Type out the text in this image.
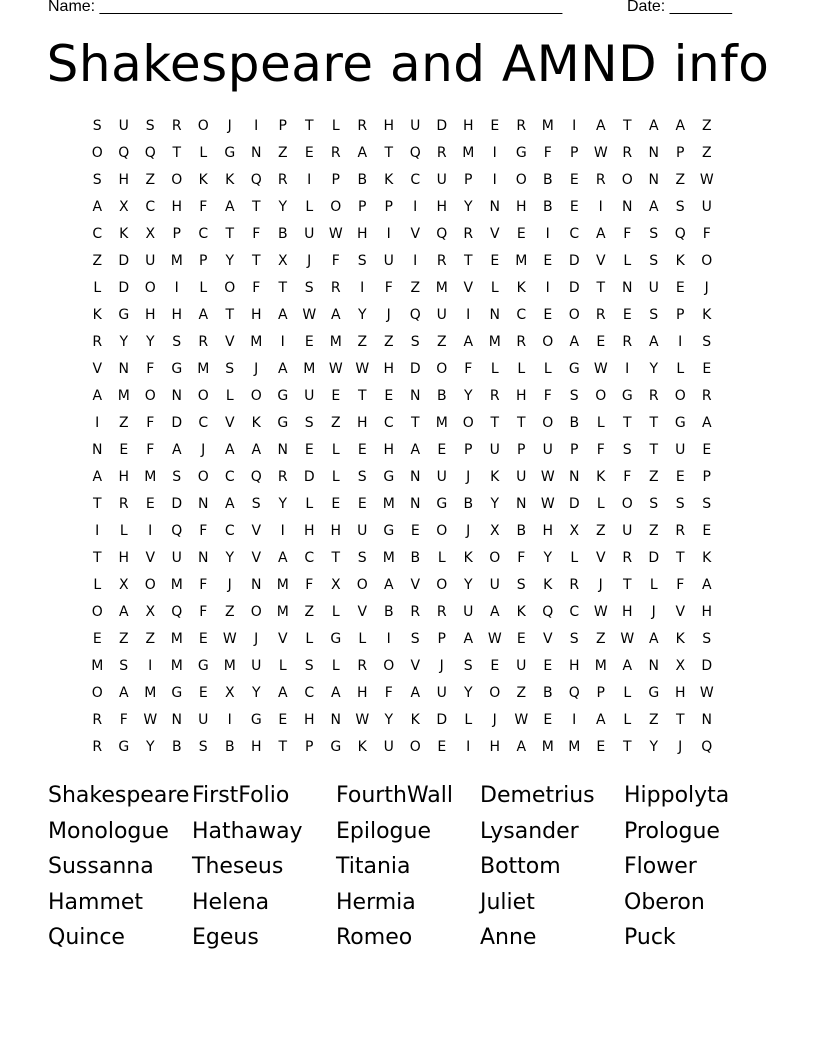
Name: ____________________________________________________	Date: _______
Shakespeare and AMND info
S	U	S	R	O	J	I	P	T	L	R	H	U	D	H	E	R	M	I	A	T	A	A	Z
O	Q	Q	T	L	G	N	Z	E	R	A	T	Q	R	M	I	G	F	P	W	R	N	P	Z
S	H	Z	O	K	K	Q	R	I	P	B	K	C	U	P	I	O	B	E	R	O	N	Z	W
A	X	C	H	F	A	T	Y	L	O	P	P	I	H	Y	N	H	B	E	I	N	A	S	U
C	K	X	P	C	T	F	B	U	W	H	I	V	Q	R	V	E	I	C	A	F	S	Q	F
Z	D	U	M	P	Y	T	X	J	F	S	U	I	R	T	E	M	E	D	V	L	S	K	O
L	D	O	I	L	O	F	T	S	R	I	F	Z	M	V	L	K	I	D	T	N	U	E	J
K	G	H	H	A	T	H	A	W	A	Y	J	Q	U	I	N	C	E	O	R	E	S	P	K
R	Y	Y	S	R	V	M	I	E	M	Z	Z	S	Z	A	M	R	O	A	E	R	A	I	S
V	N	F	G	M	S	J	A	M W W	H	D	O	F	L	L	L	G	W	I	Y	L	E
A	M	O	N	O	L	O	G	U	E	T	E	N	B	Y	R	H	F	S	O	G	R	O	R
I	Z	F	D	C	V	K	G	S	Z	H	C	T	M	O	T	T	O	B	L	T	T	G	A
N	E	F	A	J	A	A	N	E	L	E	H	A	E	P	U	P	U	P	F	S	T	U	E
A	H	M	S	O	C	Q	R	D	L	S	G	N	U	J	K	U	W	N	K	F	Z	E	P
T	R	E	D	N	A	S	Y	L	E	E	M	N	G	B	Y	N	W	D	L	O	S	S	S
I	L	I	Q	F	C	V	I	H	H	U	G	E	O	J	X	B	H	X	Z	U	Z	R	E
T	H	V	U	N	Y	V	A	C	T	S	M	B	L	K	O	F	Y	L	V	R	D	T	K
L	X	O	M	F	J	N	M	F	X	O	A	V	O	Y	U	S	K	R	J	T	L	F	A
O	A	X	Q	F	Z	O	M	Z	L	V	B	R	R	U	A	K	Q	C	W	H	J	V	H
E	Z	Z	M	E	W	J	V	L	G	L	I	S	P	A	W	E	V	S	Z	W	A	K	S
M	S	I	M	G	M	U	L	S	L	R	O	V	J	S	E	U	E	H	M	A	N	X	D
O	A	M	G	E	X	Y	A	C	A	H	F	A	U	Y	O	Z	B	Q	P	L	G	H	W
R	F	W	N	U	I	G	E	H	N	W	Y	K	D	L	J	W	E	I	A	L	Z	T	N
R	G	Y	B	S	B	H	T	P	G	K	U	O	E	I	H	A	M	M	E	T	Y	J	Q
Shakespeare FirstFolio	FourthWall	Demetrius	Hippolyta
Monologue	Hathaway	Epilogue	Lysander	Prologue
Sussanna	Theseus	Titania	Bottom	Flower
Hammet	Helena	Hermia	Juliet	Oberon
Quince	Egeus	Romeo	Anne	Puck
